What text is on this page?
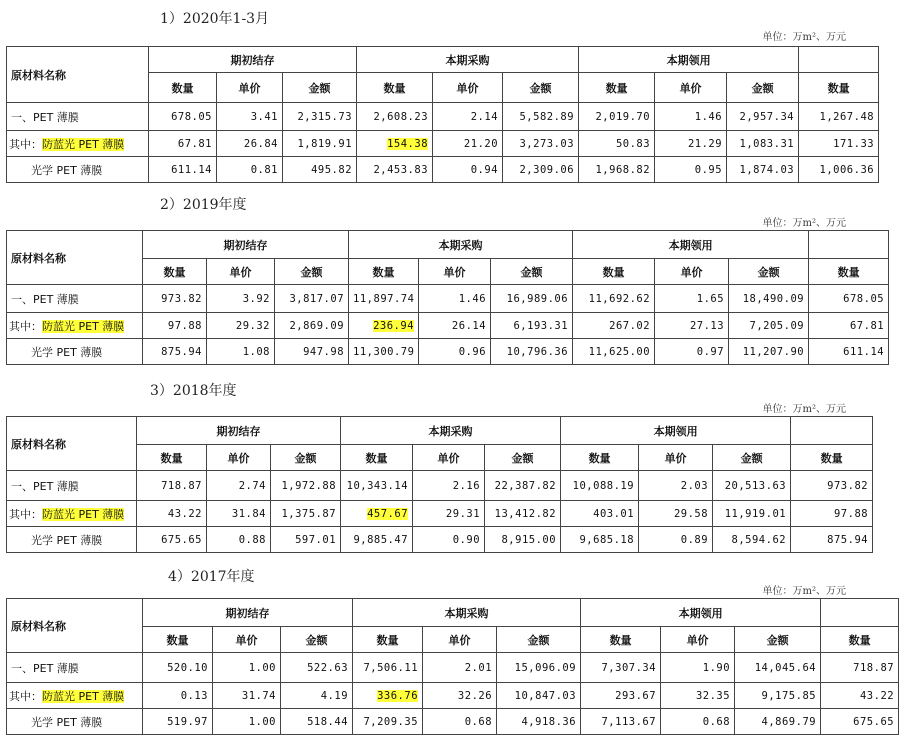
1）2020年1-3月
单位：万m²、万元
原材料名称	期初结存			本期采购			本期领用			
	数量	单价	金额	数量	单价	金额	数量	单价	金额	数量
一、PET 薄膜	678.05	3.41	2,315.73	2,608.23	2.14	5,582.89	2,019.70	1.46	2,957.34	1,267.48
其中：防蓝光 PET 薄膜	67.81	26.84	1,819.91	154.38	21.20	3,273.03	50.83	21.29	1,083.31	171.33
光学 PET 薄膜	611.14	0.81	495.82	2,453.83	0.94	2,309.06	1,968.82	0.95	1,874.03	1,006.36
2）2019年度
单位：万m²、万元
原材料名称	期初结存			本期采购			本期领用			
	数量	单价	金额	数量	单价	金额	数量	单价	金额	数量
一、PET 薄膜	973.82	3.92	3,817.07	11,897.74	1.46	16,989.06	11,692.62	1.65	18,490.09	678.05
其中：防蓝光 PET 薄膜	97.88	29.32	2,869.09	236.94	26.14	6,193.31	267.02	27.13	7,205.09	67.81
光学 PET 薄膜	875.94	1.08	947.98	11,300.79	0.96	10,796.36	11,625.00	0.97	11,207.90	611.14
3）2018年度
单位：万m²、万元
原材料名称	期初结存			本期采购			本期领用			
	数量	单价	金额	数量	单价	金额	数量	单价	金额	数量
一、PET 薄膜	718.87	2.74	1,972.88	10,343.14	2.16	22,387.82	10,088.19	2.03	20,513.63	973.82
其中：防蓝光 PET 薄膜	43.22	31.84	1,375.87	457.67	29.31	13,412.82	403.01	29.58	11,919.01	97.88
光学 PET 薄膜	675.65	0.88	597.01	9,885.47	0.90	8,915.00	9,685.18	0.89	8,594.62	875.94
4）2017年度
单位：万m²、万元
原材料名称	期初结存			本期采购			本期领用			
	数量	单价	金额	数量	单价	金额	数量	单价	金额	数量
一、PET 薄膜	520.10	1.00	522.63	7,506.11	2.01	15,096.09	7,307.34	1.90	14,045.64	718.87
其中：防蓝光 PET 薄膜	0.13	31.74	4.19	336.76	32.26	10,847.03	293.67	32.35	9,175.85	43.22
光学 PET 薄膜	519.97	1.00	518.44	7,209.35	0.68	4,918.36	7,113.67	0.68	4,869.79	675.65
